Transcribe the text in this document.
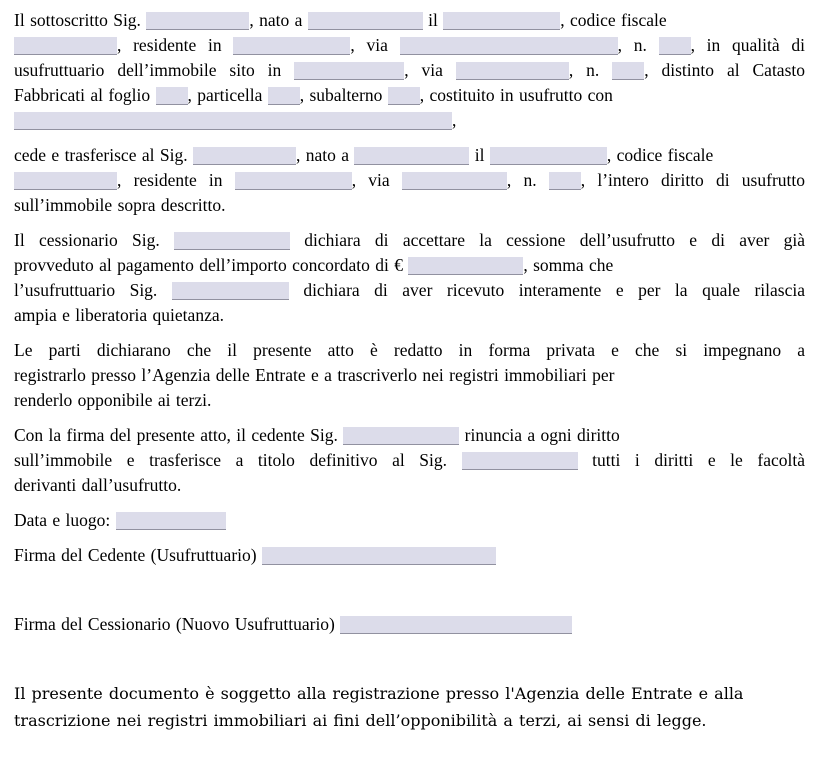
Il sottoscritto Sig.	, nato a	il	, codice fiscale
, residente in	, via	, n. , in qualità di
usufruttuario dell’immobile sito in	, via	, n. , distinto al Catasto
Fabbricati al foglio , particella , subalterno , costituito in usufrutto con
,
cede e trasferisce al Sig.	, nato a	il	, codice fiscale
, residente in	, via	, n. , l’intero diritto di usufrutto
sull’immobile sopra descritto.
Il cessionario Sig.	dichiara di accettare la cessione dell’usufrutto e di aver già
provveduto al pagamento dell’importo concordato di €	, somma che
l’usufruttuario Sig.	dichiara di aver ricevuto interamente e per la quale rilascia
ampia e liberatoria quietanza.
Le parti dichiarano che il presente atto è redatto in forma privata e che si impegnano a
registrarlo presso l’Agenzia delle Entrate e a trascriverlo nei registri immobiliari per
renderlo opponibile ai terzi.
Con la firma del presente atto, il cedente Sig.	rinuncia a ogni diritto
sull’immobile e trasferisce a titolo definitivo al Sig.	tutti i diritti e le facoltà
derivanti dall’usufrutto.
Data e luogo:
Firma del Cedente (Usufruttuario)
Firma del Cessionario (Nuovo Usufruttuario)
Il presente documento è soggetto alla registrazione presso l'Agenzia delle Entrate e alla
trascrizione nei registri immobiliari ai fini dell’opponibilità a terzi, ai sensi di legge.
